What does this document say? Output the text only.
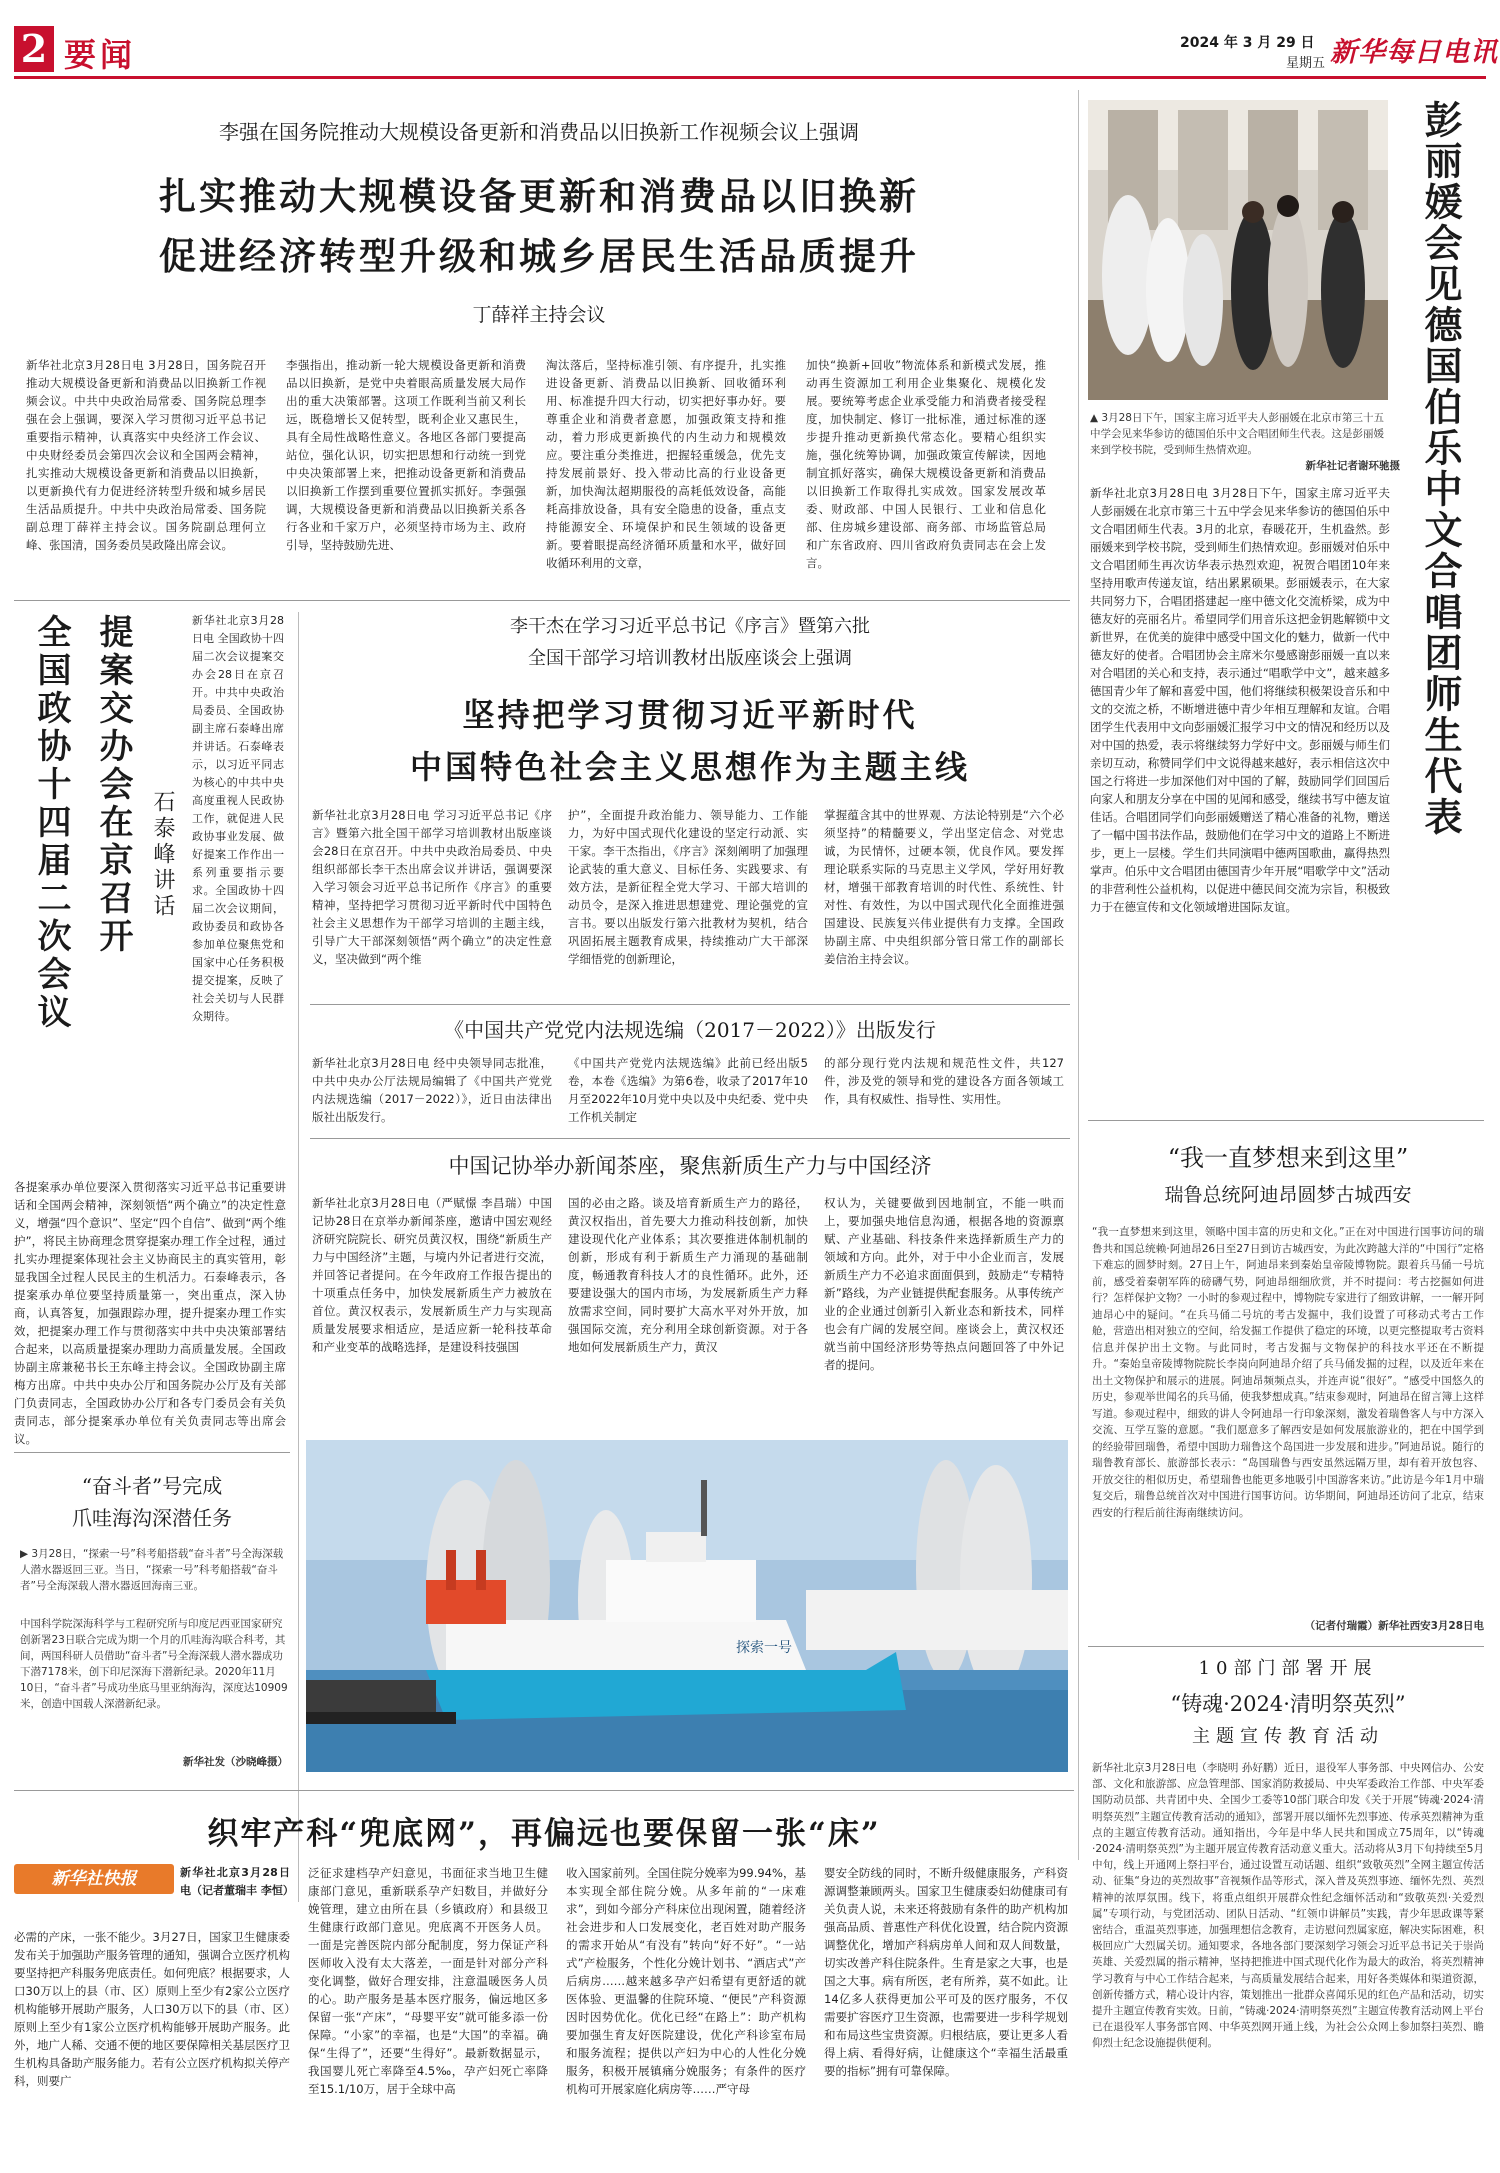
2 要闻	2024 年 3 月 29 日
星期五 新华每日电讯

李强在国务院推动大规模设备更新和消费品以旧换新工作视频会议上强调

扎实推动大规模设备更新和消费品以旧换新
促进经济转型升级和城乡居民生活品质提升

丁薛祥主持会议

新华社北京3月28日电 3月28日，国务院召开推动大规模设备更新和消费品以旧换新工作视频会议。中共中央政治局常委、国务院总理李强在会上强调，要深入学习贯彻习近平总书记重要指示精神，认真落实中央经济工作会议、中央财经委员会第四次会议和全国两会精神，扎实推动大规模设备更新和消费品以旧换新，以更新换代有力促进经济转型升级和城乡居民生活品质提升。中共中央政治局常委、国务院副总理丁薛祥主持会议。国务院副总理何立峰、张国清，国务委员吴政隆出席会议。

李强指出，推动新一轮大规模设备更新和消费品以旧换新，是党中央着眼高质量发展大局作出的重大决策部署。这项工作既利当前又利长远，既稳增长又促转型，既利企业又惠民生，具有全局性战略性意义。各地区各部门要提高站位，强化认识，切实把思想和行动统一到党中央决策部署上来，把推动设备更新和消费品以旧换新工作摆到重要位置抓实抓好。李强强调，大规模设备更新和消费品以旧换新关系各行各业和千家万户，必须坚持市场为主、政府引导，坚持鼓励先进、

淘汰落后，坚持标准引领、有序提升，扎实推进设备更新、消费品以旧换新、回收循环利用、标准提升四大行动，切实把好事办好。要尊重企业和消费者意愿，加强政策支持和推动，着力形成更新换代的内生动力和规模效应。要注重分类推进，把握轻重缓急，优先支持发展前景好、投入带动比高的行业设备更新，加快淘汰超期服役的高耗低效设备，高能耗高排放设备，具有安全隐患的设备，重点支持能源安全、环境保护和民生领域的设备更新。要着眼提高经济循环质量和水平，做好回收循环利用的文章，

加快“换新+回收”物流体系和新模式发展，推动再生资源加工利用企业集聚化、规模化发展。要统筹考虑企业承受能力和消费者接受程度，加快制定、修订一批标准，通过标准的逐步提升推动更新换代常态化。要精心组织实施，强化统筹协调，加强政策宣传解读，因地制宜抓好落实，确保大规模设备更新和消费品以旧换新工作取得扎实成效。国家发展改革委、财政部、中国人民银行、工业和信息化部、住房城乡建设部、商务部、市场监管总局和广东省政府、四川省政府负责同志在会上发言。	彭丽媛会见德国伯乐中文合唱团师生代表

▲ 3月28日下午，国家主席习近平夫人彭丽媛在北京市第三十五中学会见来华参访的德国伯乐中文合唱团师生代表。这是彭丽媛来到学校书院，受到师生热情欢迎。

新华社记者谢环驰摄

新华社北京3月28日电 3月28日下午，国家主席习近平夫人彭丽媛在北京市第三十五中学会见来华参访的德国伯乐中文合唱团师生代表。3月的北京，春暖花开，生机盎然。彭丽媛来到学校书院，受到师生们热情欢迎。彭丽媛对伯乐中文合唱团师生再次访华表示热烈欢迎，祝贺合唱团10年来坚持用歌声传递友谊，结出累累硕果。彭丽媛表示，在大家共同努力下，合唱团搭建起一座中德文化交流桥梁，成为中德友好的亮丽名片。希望同学们用音乐这把金钥匙解锁中文新世界，在优美的旋律中感受中国文化的魅力，做新一代中德友好的使者。合唱团协会主席米尔曼感谢彭丽媛一直以来对合唱团的关心和支持，表示通过“唱歌学中文”，越来越多德国青少年了解和喜爱中国，他们将继续积极架设音乐和中文的交流之桥，不断增进德中青少年相互理解和友谊。合唱团学生代表用中文向彭丽媛汇报学习中文的情况和经历以及对中国的热爱，表示将继续努力学好中文。彭丽媛与师生们亲切互动，称赞同学们中文说得越来越好，表示相信这次中国之行将进一步加深他们对中国的了解，鼓励同学们回国后向家人和朋友分享在中国的见闻和感受，继续书写中德友谊佳话。合唱团同学们向彭丽媛赠送了精心准备的礼物，赠送了一幅中国书法作品，鼓励他们在学习中文的道路上不断进步，更上一层楼。学生们共同演唱中德两国歌曲，赢得热烈掌声。伯乐中文合唱团由德国青少年开展“唱歌学中文”活动的非营利性公益机构，以促进中德民间交流为宗旨，积极致力于在德宣传和文化领域增进国际友谊。

提案交办会在京召开
全国政协十四届二次会议	石泰峰讲话

新华社北京3月28日电 全国政协十四届二次会议提案交办会28日在京召开。中共中央政治局委员、全国政协副主席石泰峰出席并讲话。石泰峰表示，以习近平同志为核心的中共中央高度重视人民政协工作，就促进人民政协事业发展、做好提案工作作出一系列重要指示要求。全国政协十四届二次会议期间，政协委员和政协各参加单位聚焦党和国家中心任务积极提交提案，反映了社会关切与人民群众期待。

各提案承办单位要深入贯彻落实习近平总书记重要讲话和全国两会精神，深刻领悟“两个确立”的决定性意义，增强“四个意识”、坚定“四个自信”、做到“两个维护”，将民主协商理念贯穿提案办理工作全过程，通过扎实办理提案体现社会主义协商民主的真实管用，彰显我国全过程人民民主的生机活力。石泰峰表示，各提案承办单位要坚持质量第一，突出重点，深入协商，认真答复，加强跟踪办理，提升提案办理工作实效，把提案办理工作与贯彻落实中共中央决策部署结合起来，以高质量提案办理助力高质量发展。全国政协副主席兼秘书长王东峰主持会议。全国政协副主席梅方出席。中共中央办公厅和国务院办公厅及有关部门负责同志，全国政协办公厅和各专门委员会有关负责同志，部分提案承办单位有关负责同志等出席会议。

李干杰在学习习近平总书记《序言》暨第六批

全国干部学习培训教材出版座谈会上强调

坚持把学习贯彻习近平新时代
中国特色社会主义思想作为主题主线

新华社北京3月28日电 学习习近平总书记《序言》暨第六批全国干部学习培训教材出版座谈会28日在京召开。中共中央政治局委员、中央组织部部长李干杰出席会议并讲话，强调要深入学习领会习近平总书记所作《序言》的重要精神，坚持把学习贯彻习近平新时代中国特色社会主义思想作为干部学习培训的主题主线，引导广大干部深刻领悟“两个确立”的决定性意义，坚决做到“两个维

护”，全面提升政治能力、领导能力、工作能力，为好中国式现代化建设的坚定行动派、实干家。李干杰指出，《序言》深刻阐明了加强理论武装的重大意义、目标任务、实践要求、有效方法，是新征程全党大学习、干部大培训的动员令，是深入推进思想建党、理论强党的宣言书。要以出版发行第六批教材为契机，结合巩固拓展主题教育成果，持续推动广大干部深学细悟党的创新理论，

掌握蕴含其中的世界观、方法论特别是“六个必须坚持”的精髓要义，学出坚定信念、对党忠诚，为民情怀，过硬本领，优良作风。要发挥理论联系实际的马克思主义学风，学好用好教材，增强干部教育培训的时代性、系统性、针对性、有效性，为以中国式现代化全面推进强国建设、民族复兴伟业提供有力支撑。全国政协副主席、中央组织部分管日常工作的副部长姜信治主持会议。

《中国共产党党内法规选编（2017－2022）》出版发行

新华社北京3月28日电 经中央领导同志批准，中共中央办公厅法规局编辑了《中国共产党党内法规选编（2017－2022）》，近日由法律出版社出版发行。

《中国共产党党内法规选编》此前已经出版5卷，本卷《选编》为第6卷，收录了2017年10月至2022年10月党中央以及中央纪委、党中央工作机关制定

的部分现行党内法规和规范性文件，共127件，涉及党的领导和党的建设各方面各领域工作，具有权威性、指导性、实用性。

中国记协举办新闻茶座，聚焦新质生产力与中国经济

新华社北京3月28日电（严赋憬 李昌瑞）中国记协28日在京举办新闻茶座，邀请中国宏观经济研究院院长、研究员黄汉权，围绕“新质生产力与中国经济”主题，与境内外记者进行交流，并回答记者提问。在今年政府工作报告提出的十项重点任务中，加快发展新质生产力被放在首位。黄汉权表示，发展新质生产力与实现高质量发展要求相适应，是适应新一轮科技革命和产业变革的战略选择，是建设科技强国

国的必由之路。谈及培育新质生产力的路径，黄汉权指出，首先要大力推动科技创新，加快建设现代化产业体系；其次要推进体制机制的创新，形成有利于新质生产力涌现的基础制度，畅通教育科技人才的良性循环。此外，还要建设强大的国内市场，为发展新质生产力释放需求空间，同时要扩大高水平对外开放，加强国际交流，充分利用全球创新资源。对于各地如何发展新质生产力，黄汉

权认为，关键要做到因地制宜，不能一哄而上，要加强央地信息沟通，根据各地的资源禀赋、产业基础、科技条件来选择新质生产力的领域和方向。此外，对于中小企业而言，发展新质生产力不必追求面面俱到，鼓励走“专精特新”路线，为产业链提供配套服务。从事传统产业的企业通过创新引入新业态和新技术，同样也会有广阔的发展空间。座谈会上，黄汉权还就当前中国经济形势等热点问题回答了中外记者的提问。

“奋斗者”号完成

爪哇海沟深潜任务

▶ 3月28日，“探索一号”科考船搭载“奋斗者”号全海深载人潜水器返回三亚。当日，“探索一号”科考船搭载“奋斗者”号全海深载人潜水器返回海南三亚。

中国科学院深海科学与工程研究所与印度尼西亚国家研究创新署23日联合完成为期一个月的爪哇海沟联合科考，其间，两国科研人员借助“奋斗者”号全海深载人潜水器成功下潜7178米，创下印尼深海下潜新纪录。2020年11月10日，“奋斗者”号成功坐底马里亚纳海沟，深度达10909米，创造中国载人深潜新纪录。

新华社发（沙晓峰摄）

探索一号

“我一直梦想来到这里”

瑞鲁总统阿迪昂圆梦古城西安

“我一直梦想来到这里，领略中国丰富的历史和文化。”正在对中国进行国事访问的瑞鲁共和国总统赖·阿迪昂26日至27日到访古城西安，为此次跨越大洋的“中国行”定格下难忘的圆梦时刻。27日上午，阿迪昂来到秦始皇帝陵博物院。跟着兵马俑一号坑前，感受着秦朝军阵的磅礴气势，阿迪昂细细欣赏，并不时提问：考古挖掘如何进行？怎样保护文物？一小时的参观过程中，博物院专家进行了细致讲解，一一解开阿迪昂心中的疑问。“在兵马俑二号坑的考古发掘中，我们设置了可移动式考古工作舱，营造出相对独立的空间，给发掘工作提供了稳定的环境，以更完整提取考古资料信息并保护出土文物。与此同时，考古发掘与文物保护的科技水平还在不断提升。“秦始皇帝陵博物院院长李岗向阿迪昂介绍了兵马俑发掘的过程，以及近年来在出土文物保护和展示的进展。阿迪昂频频点头，并连声说“很好”。“感受中国悠久的历史，参观举世闻名的兵马俑，使我梦想成真。”结束参观时，阿迪昂在留言簿上这样写道。参观过程中，细致的讲人令阿迪昂一行印象深刻，激发着瑞鲁客人与中方深入交流、互学互鉴的意愿。“我们愿意多了解西安是如何发展旅游业的，把在中国学到的经验带回瑞鲁，希望中国助力瑞鲁这个岛国进一步发展和进步。”阿迪昂说。随行的瑞鲁教育部长、旅游部长表示：“岛国瑞鲁与西安虽然远隔万里，却有着开放包容、开放交往的相似历史，希望瑞鲁也能更多地吸引中国游客来访。”此访是今年1月中瑞复交后，瑞鲁总统首次对中国进行国事访问。访华期间，阿迪昂还访问了北京，结束西安的行程后前往海南继续访问。

（记者付瑞霞）新华社西安3月28日电

10部门部署开展

“铸魂·2024·清明祭英烈”

主题宣传教育活动

新华社北京3月28日电（李晓明 孙好鹏）近日，退役军人事务部、中央网信办、公安部、文化和旅游部、应急管理部、国家消防救援局、中央军委政治工作部、中央军委国防动员部、共青团中央、全国少工委等10部门联合印发《关于开展“铸魂·2024·清明祭英烈”主题宣传教育活动的通知》，部署开展以缅怀先烈事迹、传承英烈精神为重点的主题宣传教育活动。通知指出，今年是中华人民共和国成立75周年，以“铸魂·2024·清明祭英烈”为主题开展宣传教育活动意义重大。活动将从3月下旬持续至5月中旬，线上开通网上祭扫平台，通过设置互动话题、组织“致敬英烈”全网主题宣传活动、征集“身边的英烈故事”音视频作品等形式，深入普及英烈事迹、缅怀先烈、英烈精神的浓厚氛围。线下，将重点组织开展群众性纪念缅怀活动和“致敬英烈·关爱烈属”专项行动，与党团活动、团队日活动、“红领巾讲解员”实践，青少年思政课等紧密结合，重温英烈事迹，加强理想信念教育，走访慰问烈属家庭，解决实际困难，积极回应广大烈属关切。通知要求，各地各部门要深刻学习领会习近平总书记关于崇尚英雄、关爱烈属的指示精神，坚持把推进中国式现代化作为最大的政治，将英烈精神学习教育与中心工作结合起来，与高质量发展结合起来，用好各类媒体和渠道资源，创新传播方式，精心设计内容，策划推出一批群众喜闻乐见的红色产品和活动，切实提升主题宣传教育实效。日前，“铸魂·2024·清明祭英烈”主题宣传教育活动网上平台已在退役军人事务部官网、中华英烈网开通上线，为社会公众网上参加祭扫英烈、瞻仰烈士纪念设施提供便利。

织牢产科“兜底网”，再偏远也要保留一张“床”
新华社快报	新华社北京3月28日电（记者董瑞丰 李恒）

必需的产床，一张不能少。3月27日，国家卫生健康委发布关于加强助产服务管理的通知，强调合立医疗机构要坚持把产科服务兜底责任。如何兜底？根据要求，人口30万以上的县（市、区）原则上至少有2家公立医疗机构能够开展助产服务，人口30万以下的县（市、区）原则上至少有1家公立医疗机构能够开展助产服务。此外，地广人稀、交通不便的地区要保障相关基层医疗卫生机构具备助产服务能力。若有公立医疗机构拟关停产科，则要广

泛征求建档孕产妇意见，书面征求当地卫生健康部门意见，重新联系孕产妇数目，并做好分娩管理，建立由所在县（乡镇政府）和县级卫生健康行政部门意见。兜底离不开医务人员。一面是完善医院内部分配制度，努力保证产科医师收入没有太大落差，一面是针对部分产科变化调整，做好合理安排，注意温暖医务人员的心。助产服务是基本医疗服务，偏远地区多保留一张“产床”，“母婴平安”就可能多添一份保障。“小家”的幸福，也是“大国”的幸福。确保“生得了”，还要“生得好”。最新数据显示，我国婴儿死亡率降至4.5‰，孕产妇死亡率降至15.1/10万，居于全球中高

收入国家前列。全国住院分娩率为99.94%，基本实现全部住院分娩。从多年前的“一床难求”，到如今部分产科床位出现闲置，随着经济社会进步和人口发展变化，老百姓对助产服务的需求开始从“有没有”转向“好不好”。“一站式”产检服务，个性化分娩计划书、“酒店式”产后病房……越来越多孕产妇希望有更舒适的就医体验、更温馨的住院环境、“便民”产科资源因时因势优化。优化已经“在路上”：助产机构要加强生育友好医院建设，优化产科诊室布局和服务流程；提供以产妇为中心的人性化分娩服务，积极开展镇痛分娩服务；有条件的医疗机构可开展家庭化病房等……严守母

婴安全防线的同时，不断升级健康服务，产科资源调整兼顾两头。国家卫生健康委妇幼健康司有关负责人说，未来还将鼓励有条件的助产机构加强高品质、普惠性产科优化设置，结合院内资源调整优化，增加产科病房单人间和双人间数量，切实改善产科住院条件。生育是家之大事，也是国之大事。病有所医，老有所养，莫不如此。让14亿多人获得更加公平可及的医疗服务，不仅需要扩容医疗卫生资源，也需要进一步科学规划和布局这些宝贵资源。归根结底，要让更多人看得上病、看得好病，让健康这个“幸福生活最重要的指标”拥有可靠保障。
